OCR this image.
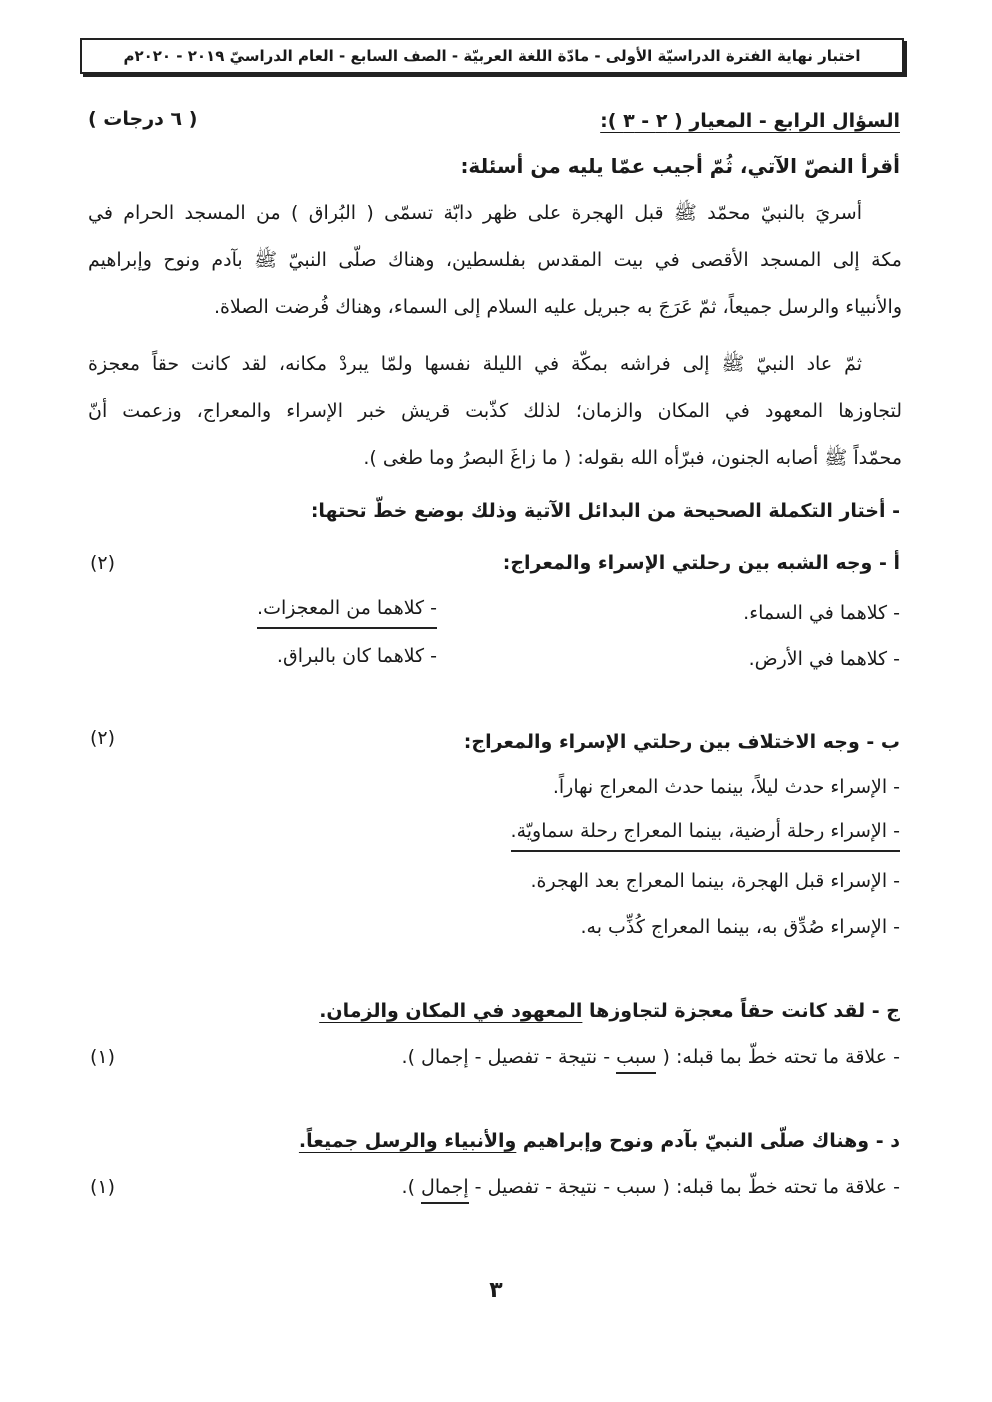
اختبار نهاية الفترة الدراسيّة الأولى - مادّة اللغة العربيّة - الصف السابع - العام الدراسيّ ٢٠١٩ - ٢٠٢٠م
السؤال الرابع - المعيار ( ٢ - ٣ ):
( ٦ درجات )
أقرأ النصّ الآتي، ثُمّ أجيب عمّا يليه من أسئلة:
أسريَ بالنبيّ محمّد ﷺ قبل الهجرة على ظهر دابّة تسمّى ( البُراق ) من المسجد الحرام في
مكة إلى المسجد الأقصى في بيت المقدس بفلسطين، وهناك صلّى النبيّ ﷺ بآدم ونوح وإبراهيم
والأنبياء والرسل جميعاً، ثمّ عَرَجَ به جبريل عليه السلام إلى السماء، وهناك فُرضت الصلاة.
ثمّ عاد النبيّ ﷺ إلى فراشه بمكّة في الليلة نفسها ولمّا يبردْ مكانه، لقد كانت حقاً معجزة
لتجاوزها المعهود في المكان والزمان؛ لذلك كذّبت قريش خبر الإسراء والمعراج، وزعمت أنّ
محمّداً ﷺ أصابه الجنون، فبرّأه الله بقوله: ( ما زاغَ البصرُ وما طغى ).
- أختار التكملة الصحيحة من البدائل الآتية وذلك بوضع خطّ تحتها:
أ - وجه الشبه بين رحلتي الإسراء والمعراج:
(٢)
- كلاهما في السماء.
- كلاهما من المعجزات.
- كلاهما في الأرض.
- كلاهما كان بالبراق.
ب - وجه الاختلاف بين رحلتي الإسراء والمعراج:
(٢)
- الإسراء حدث ليلاً، بينما حدث المعراج نهاراً.
- الإسراء رحلة أرضية، بينما المعراج رحلة سماويّة.
- الإسراء قبل الهجرة، بينما المعراج بعد الهجرة.
- الإسراء صُدِّق به، بينما المعراج كُذِّب به.
ج - لقد كانت حقاً معجزة لتجاوزها المعهود في المكان والزمان.
- علاقة ما تحته خطّ بما قبله: ( سبب - نتيجة - تفصيل - إجمال ).
(١)
د - وهناك صلّى النبيّ بآدم ونوح وإبراهيم والأنبياء والرسل جميعاً.
- علاقة ما تحته خطّ بما قبله: ( سبب - نتيجة - تفصيل - إجمال ).
(١)
٣
